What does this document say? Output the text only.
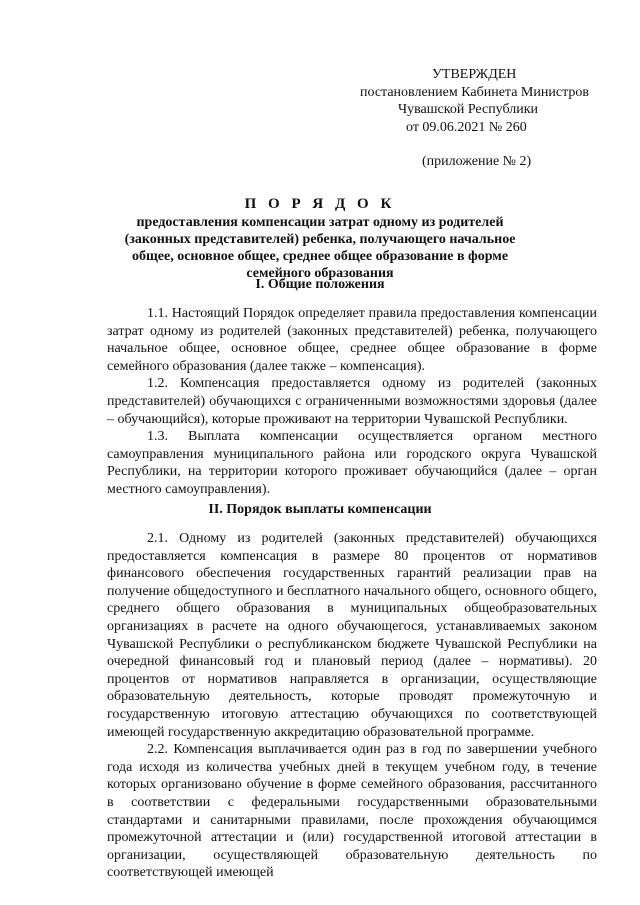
УТВЕРЖДЕН
постановлением Кабинета Министров
Чувашской Республики
от 09.06.2021 № 260
(приложение № 2)
П О Р Я Д О К
предоставления компенсации затрат одному из родителей (законных представителей) ребенка, получающего начальное общее, основное общее, среднее общее образование в форме семейного образования
I. Общие положения

1.1. Настоящий Порядок определяет правила предоставления компенсации затрат одному из родителей (законных представителей) ребенка, получающего начальное общее, основное общее, среднее общее образование в форме семейного образования (далее также – компенсация).

1.2. Компенсация предоставляется одному из родителей (законных представителей) обучающихся с ограниченными возможностями здоровья (далее – обучающийся), которые проживают на территории Чувашской Республики.

1.3. Выплата компенсации осуществляется органом местного самоуправления муниципального района или городского округа Чувашской Республики, на территории которого проживает обучающийся (далее – орган местного самоуправления).

II. Порядок выплаты компенсации

2.1. Одному из родителей (законных представителей) обучающихся предоставляется компенсация в размере 80 процентов от нормативов финансового обеспечения государственных гарантий реализации прав на получение общедоступного и бесплатного начального общего, основного общего, среднего общего образования в муниципальных общеобразовательных организациях в расчете на одного обучающегося, устанавливаемых законом Чувашской Республики о республиканском бюджете Чувашской Республики на очередной финансовый год и плановый период (далее – нормативы). 20 процентов от нормативов направляется в организации, осуществляющие образовательную деятельность, которые проводят промежуточную и государственную итоговую аттестацию обучающихся по соответствующей имеющей государственную аккредитацию образовательной программе.

2.2. Компенсация выплачивается один раз в год по завершении учебного года исходя из количества учебных дней в текущем учебном году, в течение которых организовано обучение в форме семейного образования, рассчитанного в соответствии с федеральными государственными образовательными стандартами и санитарными правилами, после прохождения обучающимся промежуточной аттестации и (или) государственной итоговой аттестации в организации, осуществляющей образовательную деятельность по соответствующей имеющей
